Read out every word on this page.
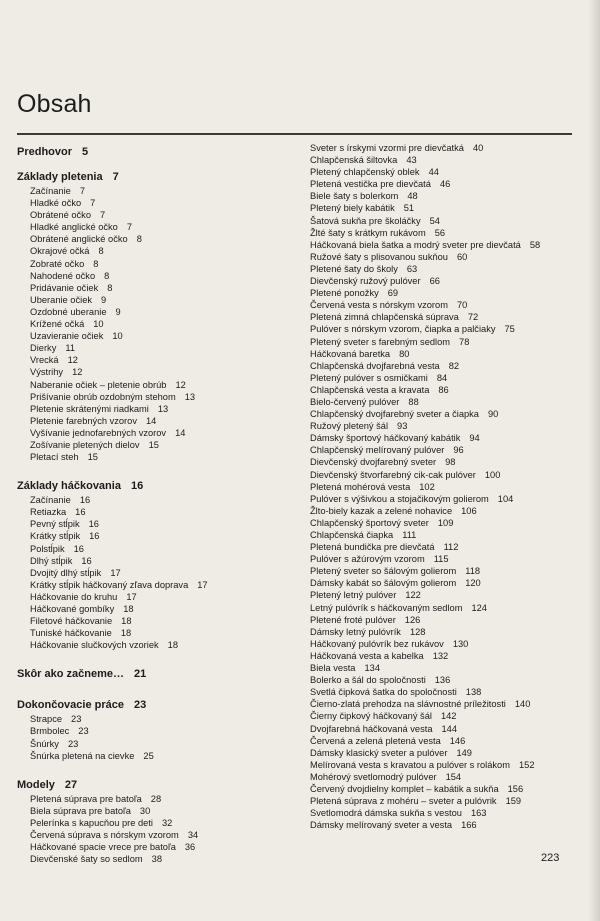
Obsah
Predhovor 5
Základy pletenia 7
Začínanie 7
Hladké očko 7
Obrátené očko 7
Hladké anglické očko 7
Obrátené anglické očko 8
Okrajové očká 8
Zobraté očko 8
Nahodené očko 8
Pridávanie očiek 8
Uberanie očiek 9
Ozdobné uberanie 9
Krížené očká 10
Uzavieranie očiek 10
Dierky 11
Vrecká 12
Výstrihy 12
Naberanie očiek – pletenie obrúb 12
Prišívanie obrúb ozdobným stehom 13
Pletenie skrátenými riadkami 13
Pletenie farebných vzorov 14
Vyšívanie jednofarebných vzorov 14
Zošívanie pletených dielov 15
Pletací steh 15
Základy háčkovania 16
Začínanie 16
Retiazka 16
Pevný stĺpik 16
Krátky stĺpik 16
Polstĺpik 16
Dlhý stĺpik 16
Dvojitý dlhý stĺpik 17
Krátky stĺpik háčkovaný zľava doprava 17
Háčkovanie do kruhu 17
Háčkované gombíky 18
Filetové háčkovanie 18
Tuniské háčkovanie 18
Háčkovanie slučkových vzoriek 18
Skôr ako začneme… 21
Dokončovacie práce 23
Strapce 23
Brmbolec 23
Šnúrky 23
Šnúrka pletená na cievke 25
Modely 27
Pletená súprava pre batoľa 28
Biela súprava pre batoľa 30
Pelerínka s kapucňou pre deti 32
Červená súprava s nórskym vzorom 34
Háčkované spacie vrece pre batoľa 36
Dievčenské šaty so sedlom 38
Sveter s írskymi vzormi pre dievčatká 40
Chlapčenská šiltovka 43
Pletený chlapčenský oblek 44
Pletená vestička pre dievčatá 46
Biele šaty s bolerkom 48
Pletený biely kabátik 51
Šatová sukňa pre školáčky 54
Žlté šaty s krátkym rukávom 56
Háčkovaná biela šatka a modrý sveter pre dievčatá 58
Ružové šaty s plisovanou sukňou 60
Pletené šaty do školy 63
Dievčenský ružový pulóver 66
Pletené ponožky 69
Červená vesta s nórskym vzorom 70
Pletená zimná chlapčenská súprava 72
Pulóver s nórskym vzorom, čiapka a palčiaky 75
Pletený sveter s farebným sedlom 78
Háčkovaná baretka 80
Chlapčenská dvojfarebná vesta 82
Pletený pulóver s osmičkami 84
Chlapčenská vesta a kravata 86
Bielo-červený pulóver 88
Chlapčenský dvojfarebný sveter a čiapka 90
Ružový pletený šál 93
Dámsky športový háčkovaný kabátik 94
Chlapčenský melírovaný pulóver 96
Dievčenský dvojfarebný sveter 98
Dievčenský štvorfarebný cik-cak pulóver 100
Pletená mohérová vesta 102
Pulóver s výšivkou a stojačikovým golierom 104
Žlto-biely kazak a zelené nohavice 106
Chlapčenský športový sveter 109
Chlapčenská čiapka 111
Pletená bundička pre dievčatá 112
Pulóver s ažúrovým vzorom 115
Pletený sveter so šálovým golierom 118
Dámsky kabát so šálovým golierom 120
Pletený letný pulóver 122
Letný pulóvrík s háčkovaným sedlom 124
Pletené froté pulóver 126
Dámsky letný pulóvrík 128
Háčkovaný pulóvrík bez rukávov 130
Háčkovaná vesta a kabelka 132
Biela vesta 134
Bolerko a šál do spoločnosti 136
Svetlá čipková šatka do spoločnosti 138
Čierno-zlatá prehodza na slávnostné príležitosti 140
Čierny čipkový háčkovaný šál 142
Dvojfarebná háčkovaná vesta 144
Červená a zelená pletená vesta 146
Dámsky klasický sveter a pulóver 149
Melírovaná vesta s kravatou a pulóver s rolákom 152
Mohérový svetlomodrý pulóver 154
Červený dvojdielny komplet – kabátik a sukňa 156
Pletená súprava z mohéru – sveter a pulóvrik 159
Svetlomodrá dámska sukňa s vestou 163
Dámsky melírovaný sveter a vesta 166
223
